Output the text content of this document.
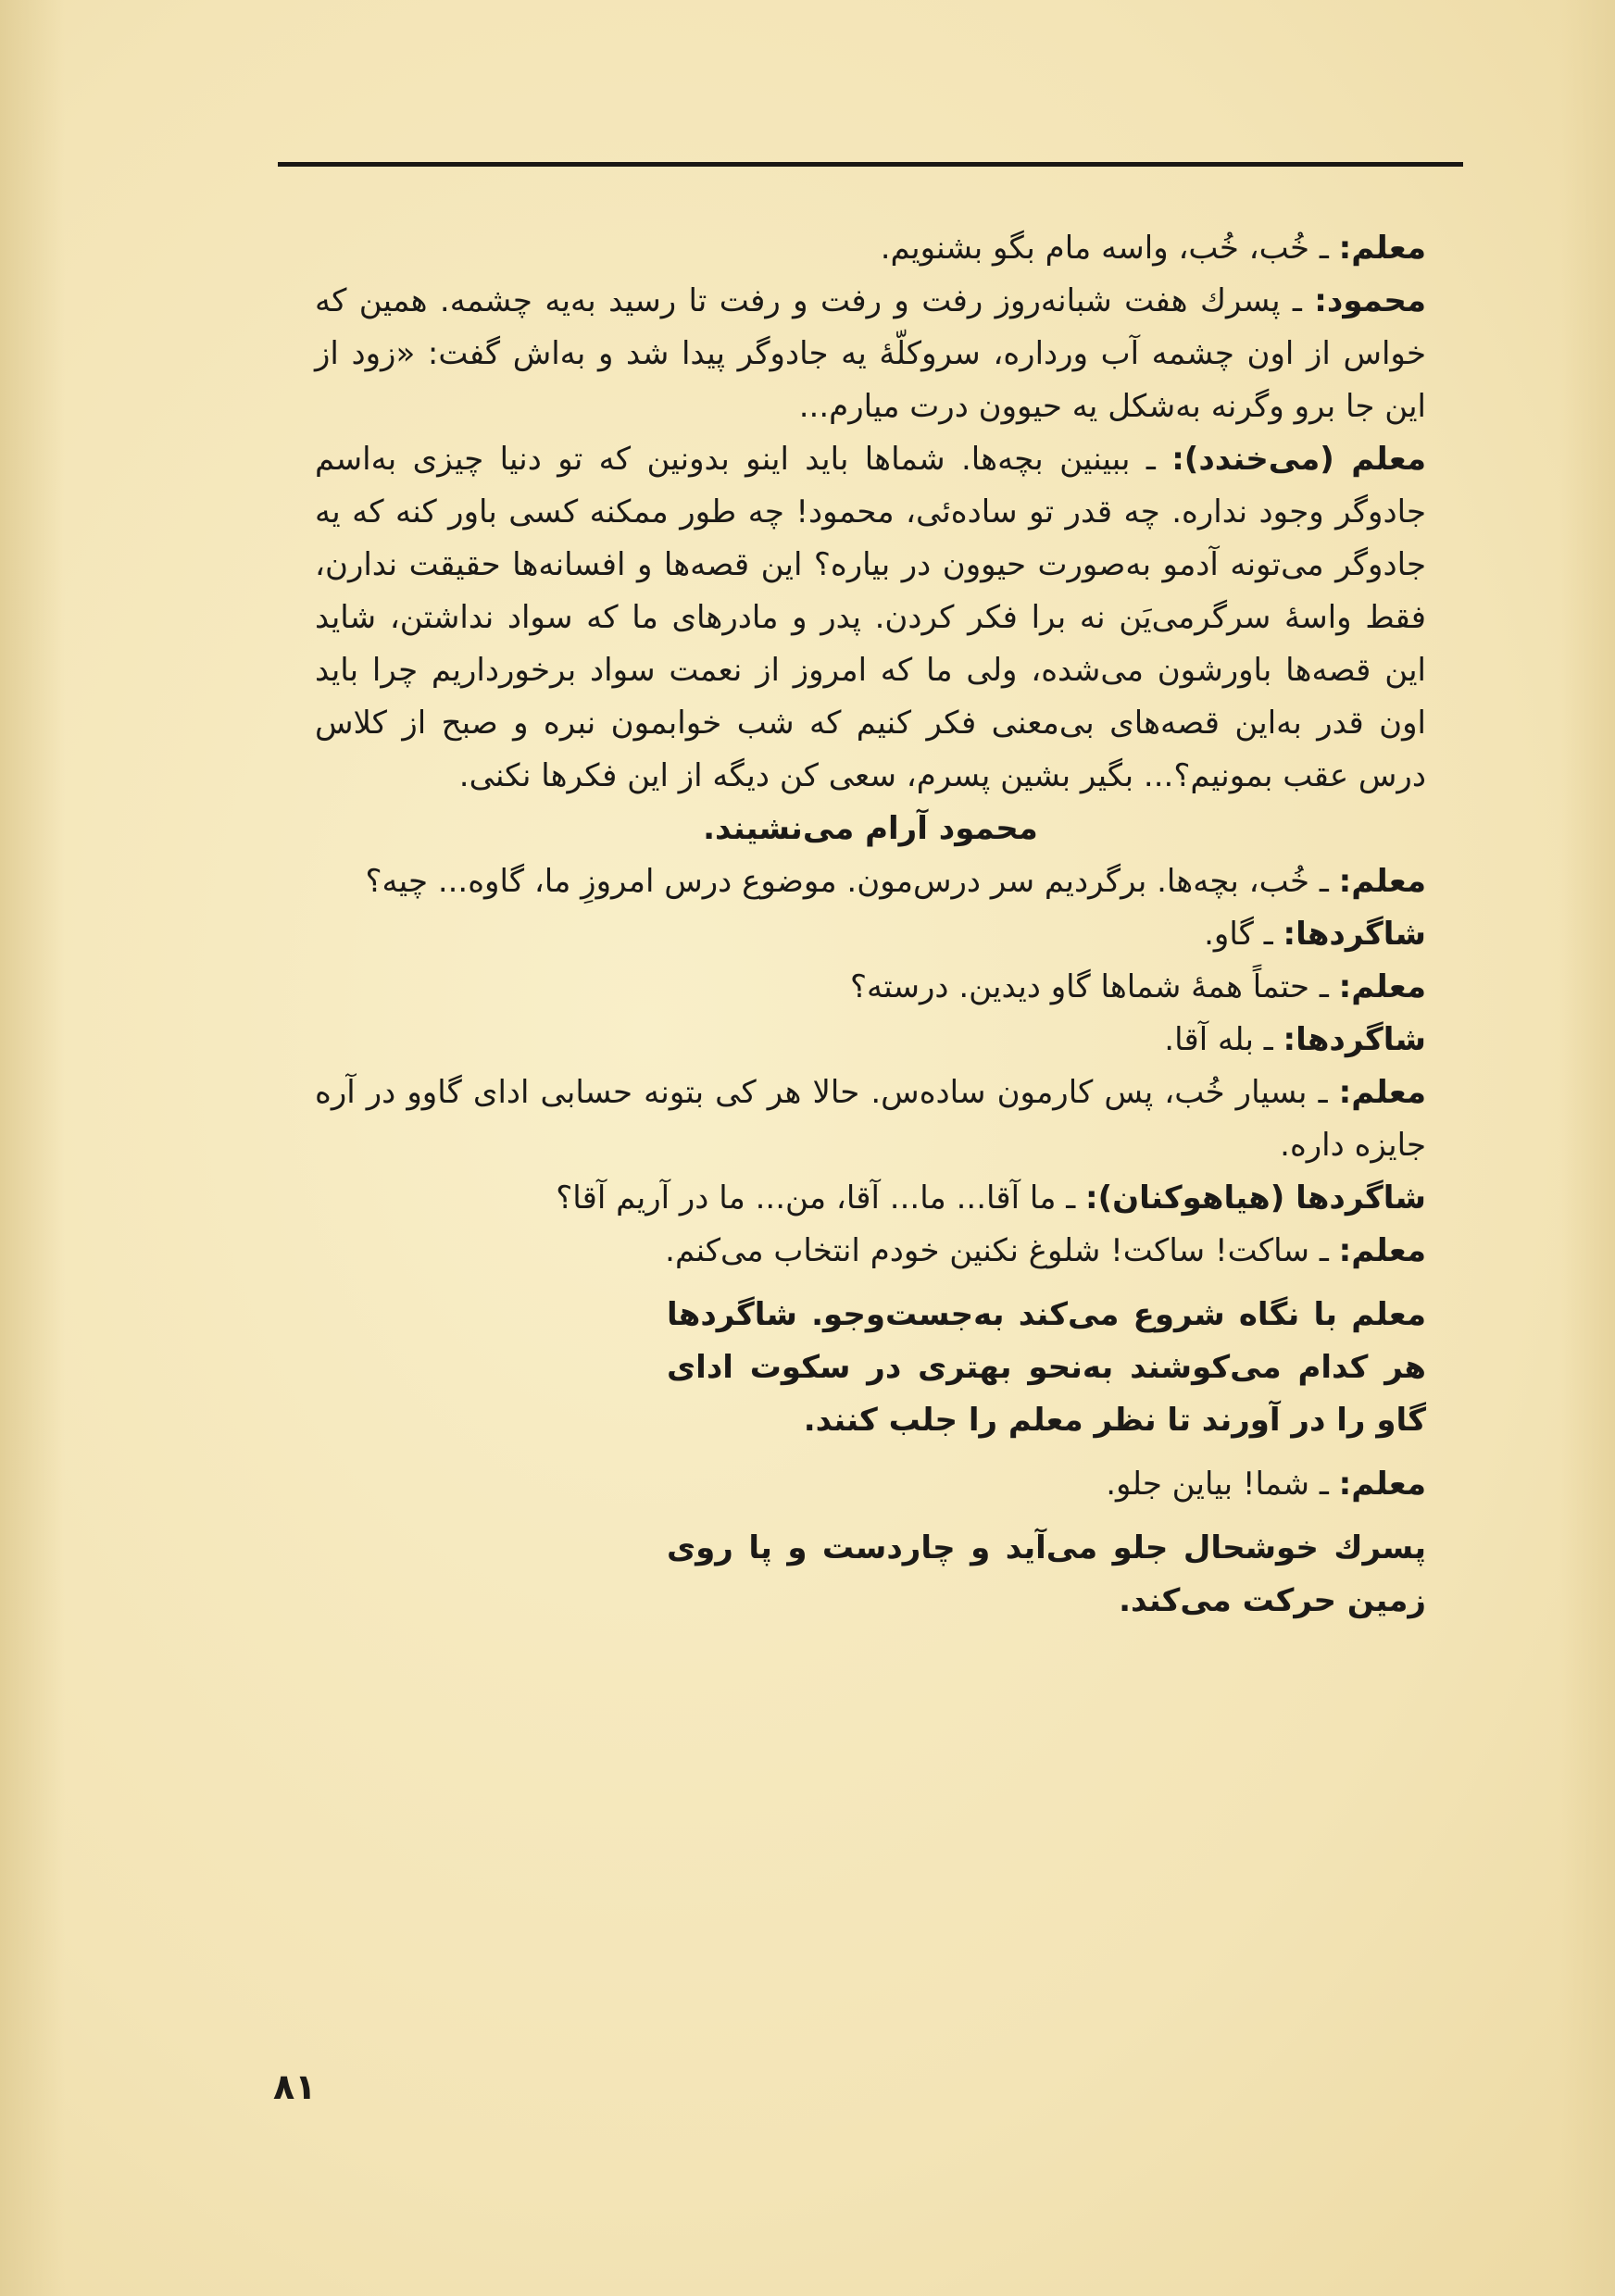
معلم: ـ خُب، خُب، واسه مام بگو بشنویم.

محمود: ـ پسرك هفت شبانه‌روز رفت و رفت و رفت تا رسید به‌یه چشمه. همین که خواس از اون چشمه آب ورداره، سروکلّهٔ یه جادوگر پیدا شد و به‌اش گفت: «زود از این جا برو وگرنه به‌شکل یه حیوون درت میارم...

معلم (می‌خندد): ـ ببینین بچه‌ها. شماها باید اینو بدونین که تو دنیا چیزی به‌اسم جادوگر وجود نداره. چه قدر تو ساده‌ئی، محمود! چه طور ممکنه کسی باور کنه که یه جادوگر می‌تونه آدمو به‌صورت حیوون در بیاره؟ این قصه‌ها و افسانه‌ها حقیقت ندارن، فقط واسهٔ سرگرمی‌یَن نه برا فکر کردن. پدر و مادرهای ما که سواد نداشتن، شاید این قصه‌ها باورشون می‌شده، ولی ما که امروز از نعمت سواد برخورداریم چرا باید اون قدر به‌این قصه‌های بی‌معنی فکر کنیم که شب خوابمون نبره و صبح از کلاس درس عقب بمونیم؟... بگیر بشین پسرم، سعی کن دیگه از این فکرها نکنی.

محمود آرام می‌نشیند.

معلم: ـ خُب، بچه‌ها. برگردیم سر درس‌مون. موضوع درس امروزِ ما، گاوه... چیه؟

شاگردها: ـ گاو.

معلم: ـ حتماً همهٔ شماها گاو دیدین. درسته؟

شاگردها: ـ بله آقا.

معلم: ـ بسیار خُب، پس کارمون ساده‌س. حالا هر کی بتونه حسابی ادای گاوو در آره جایزه داره.

شاگردها (هیاهوکنان): ـ ما آقا... ما... آقا، من... ما در آریم آقا؟

معلم: ـ ساکت! ساکت! شلوغ نکنین خودم انتخاب می‌کنم.

معلم با نگاه شروع می‌کند به‌جست‌وجو. شاگردها هر کدام می‌کوشند به‌نحو بهتری در سکوت ادای گاو را در آورند تا نظر معلم را جلب کنند.

معلم: ـ شما! بیاین جلو.

پسرك خوشحال جلو می‌آید و چاردست و پا روی زمین حرکت می‌کند.

۸۱
